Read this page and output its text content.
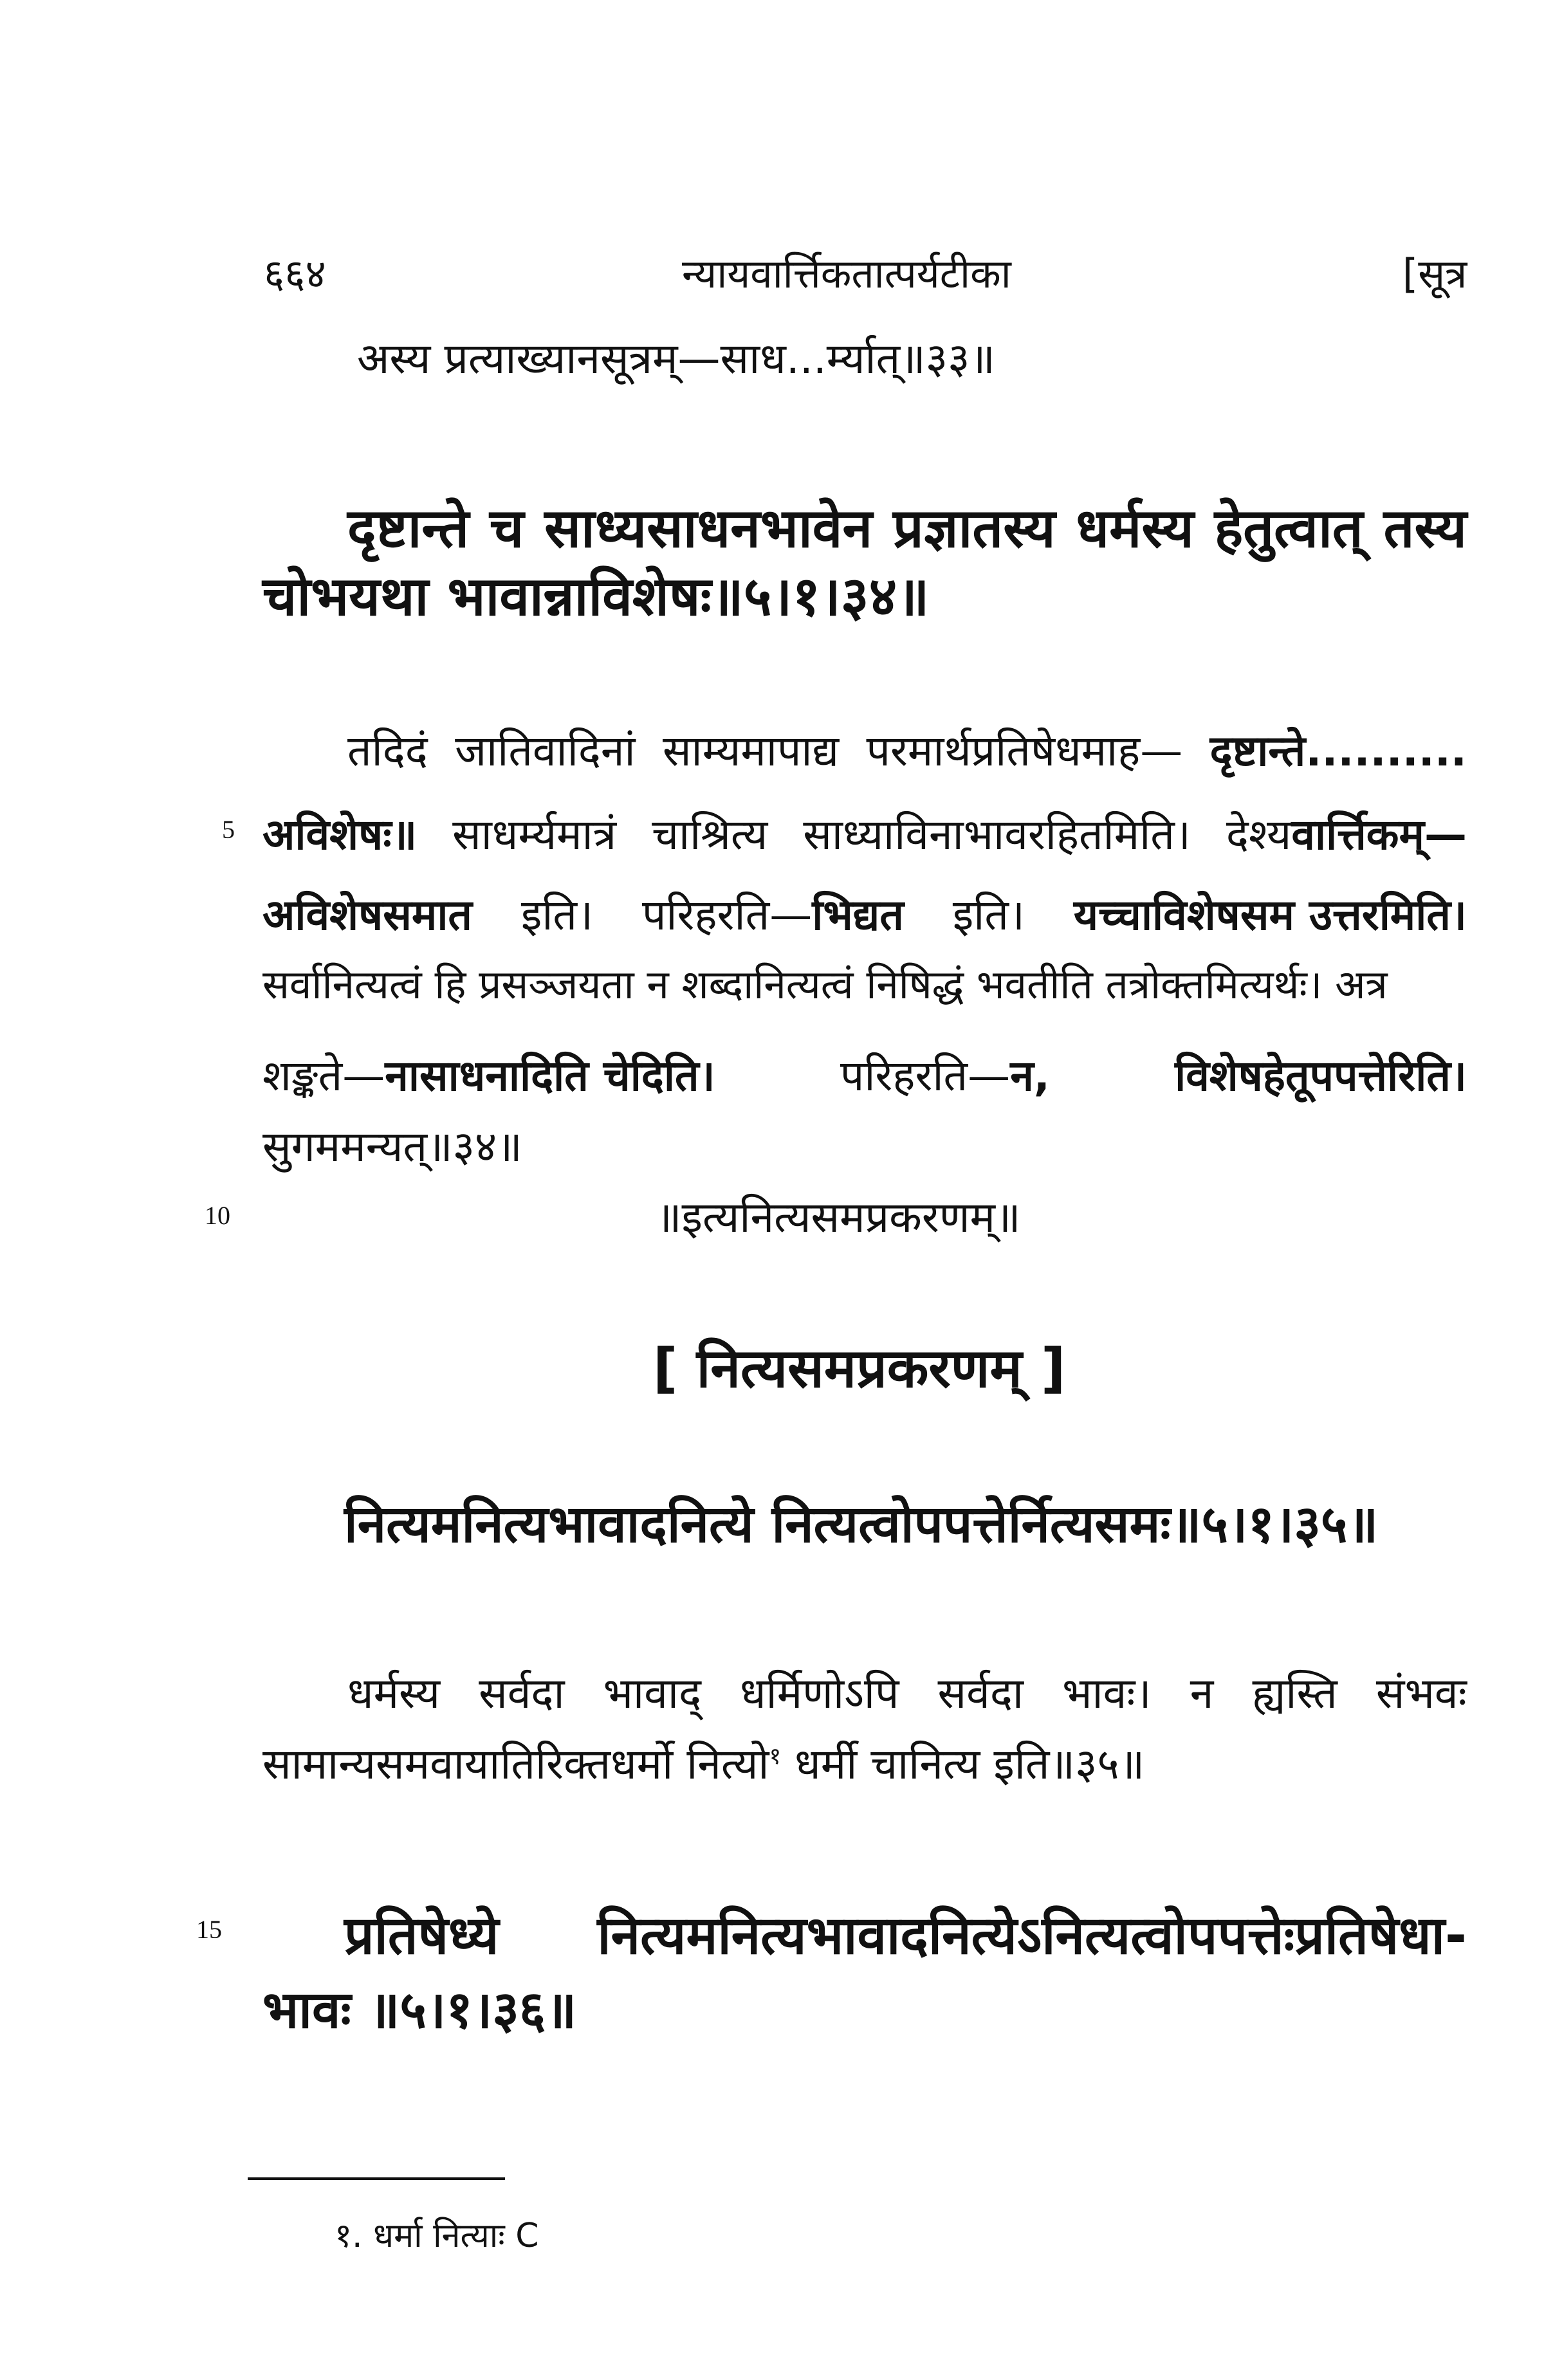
६६४	न्यायवार्त्तिकतात्पर्यटीका	[सूत्र
अस्य प्रत्याख्यानसूत्रम्—साध...र्म्यात्॥३३॥
दृष्टान्ते च साध्यसाधनभावेन प्रज्ञातस्य धर्मस्य हेतुत्वात् तस्य
चोभयथा भावान्नाविशेषः॥५।१।३४॥
तदिदं जातिवादिनां साम्यमापाद्य परमार्थप्रतिषेधमाह— दृष्टान्ते..........
5 अविशेषः॥ साधर्म्यमात्रं चाश्रित्य साध्याविनाभावरहितमिति। देश्यवार्त्तिकम्—
अविशेषसमात इति। परिहरति—भिद्यत इति। यच्चाविशेषसम उत्तरमिति।
सर्वानित्यत्वं हि प्रसञ्जयता न शब्दानित्यत्वं निषिद्धं भवतीति तत्रोक्तमित्यर्थः। अत्र
शङ्कते—नासाधनादिति चेदिति।	परिहरति—न,	विशेषहेतूपपत्तेरिति।
सुगममन्यत्॥३४॥
10	॥इत्यनित्यसमप्रकरणम्॥
[ नित्यसमप्रकरणम् ]
नित्यमनित्यभावादनित्ये नित्यत्वोपपत्तेर्नित्यसमः॥५।१।३५॥
धर्मस्य सर्वदा भावाद् धर्मिणोऽपि सर्वदा भावः। न ह्यस्ति संभवः
सामान्यसमवायातिरिक्तधर्मो नित्यो$^१$ धर्मी चानित्य इति॥३५॥
15 प्रतिषेध्ये नित्यमनित्यभावादनित्येऽनित्यत्वोपपत्तेःप्रतिषेधा-
भावः ॥५।१।३६॥
१. धर्मा नित्याः C
